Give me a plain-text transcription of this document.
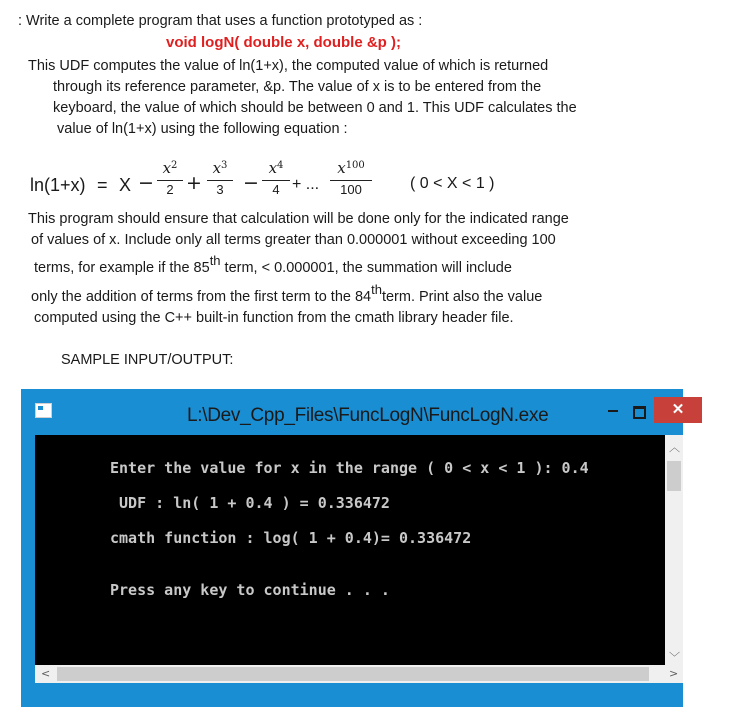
: Write a complete program that uses a function prototyped as :
void logN( double x, double &p );
This UDF computes the value of ln(1+x), the computed value of which is returned
through its reference parameter, &p. The value of x is to be entered from the
keyboard, the value of which should be between 0 and 1. This UDF calculates the
value of ln(1+x) using the following equation :
ln(1+x) = X −
$x^2$
2 +
$x^3$
3	−
$x^4$
4 + ...
$x^{100}$
100	( 0 < X < 1 )
This program should ensure that calculation will be done only for the indicated range
of values of x. Include only all terms greater than 0.000001 without exceeding 100
terms, for example if the 85th term, < 0.000001, the summation will include
only the addition of terms from the first term to the 84thterm. Print also the value
computed using the C++ built-in function from the cmath library header file.
SAMPLE INPUT/OUTPUT:
L:\Dev_Cpp_Files\FuncLogN\FuncLogN.exe	✕
Enter the value for x in the range ( 0 < x < 1 ): 0.4
UDF : ln( 1 + 0.4 ) = 0.336472
cmath function : log( 1 + 0.4)= 0.336472
Press any key to continue . . .
︿
﹀
<	>
